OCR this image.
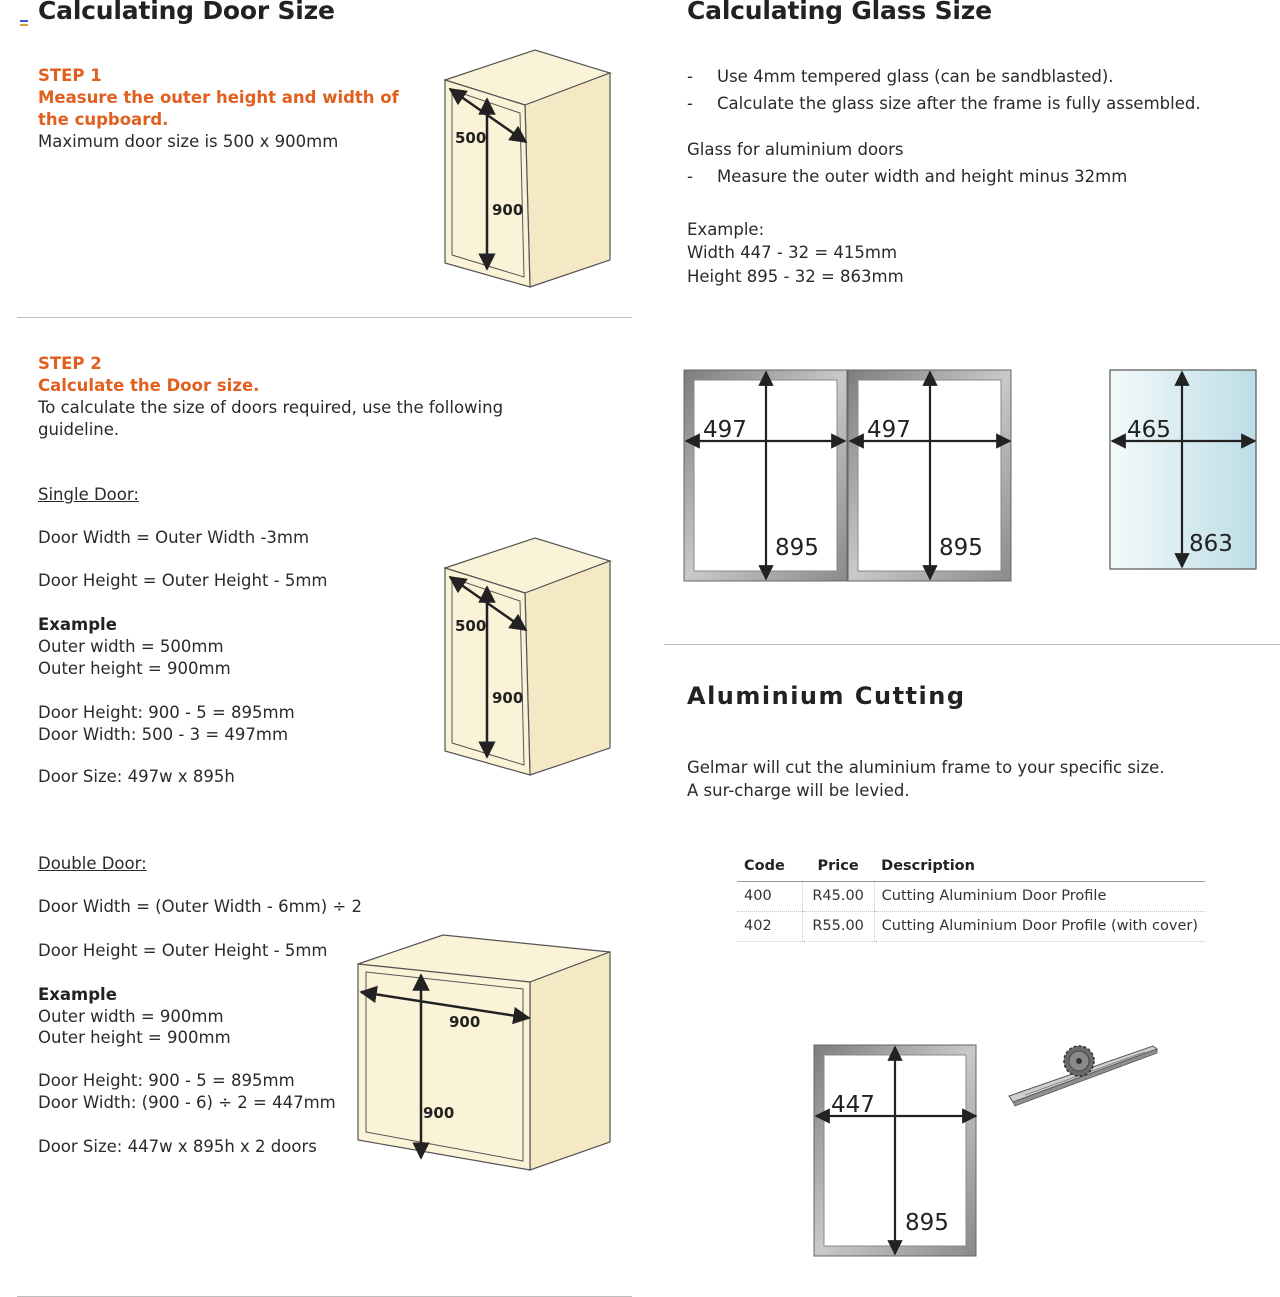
Calculating Door Size
STEP 1
Measure the outer height and width of
the cupboard.
Maximum door size is 500 x 900mm	500
900
STEP 2
Calculate the Door size.
To calculate the size of doors required, use the following
guideline.
Single Door:
Door Width = Outer Width -3mm
Door Height = Outer Height - 5mm
Example
Outer width = 500mm
Outer height = 900mm
Door Height: 900 - 5 = 895mm
Door Width: 500 - 3 = 497mm
Door Size: 497w x 895h
500
900
Double Door:
Door Width = (Outer Width - 6mm) ÷ 2
Door Height = Outer Height - 5mm
Example
Outer width = 900mm
Outer height = 900mm
Door Height: 900 - 5 = 895mm
Door Width: (900 - 6) ÷ 2 = 447mm
Door Size: 447w x 895h x 2 doors
900
900
Calculating Glass Size
-	Use 4mm tempered glass (can be sandblasted).
-	Calculate the glass size after the frame is fully assembled.
Glass for aluminium doors
-	Measure the outer width and height minus 32mm
Example:
Width 447 - 32 = 415mm
Height 895 - 32 = 863mm
497
895
497
895
465
863
Aluminium Cutting
Gelmar will cut the aluminium frame to your specific size.
A sur-charge will be levied.
Code	Price	Description
400	R45.00	Cutting Aluminium Door Profile
402	R55.00	Cutting Aluminium Door Profile (with cover)
447
895
